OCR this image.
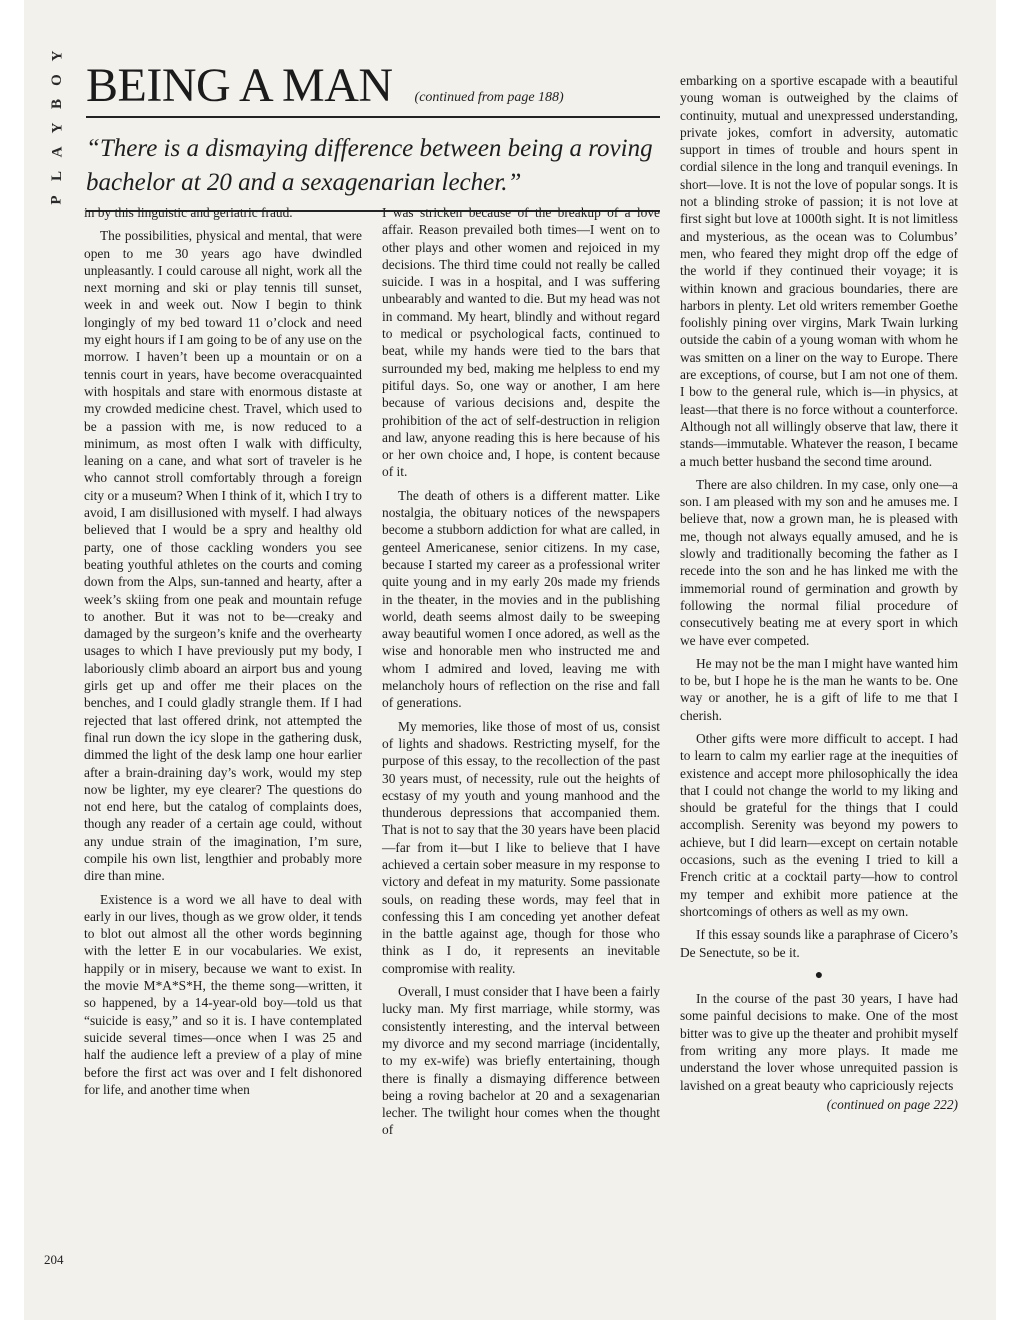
Y
O
B
Y
A
L
P
BEING A MAN (continued from page 188)
“There is a dismaying difference between being a roving bachelor at 20 and a sexagenarian lecher.”

in by this linguistic and geriatric fraud.

The possibilities, physical and mental, that were open to me 30 years ago have dwindled unpleasantly. I could carouse all night, work all the next morning and ski or play tennis till sunset, week in and week out. Now I begin to think longingly of my bed toward 11 o’clock and need my eight hours if I am going to be of any use on the morrow. I haven’t been up a mountain or on a tennis court in years, have become overacquainted with hospitals and stare with enormous distaste at my crowded medicine chest. Travel, which used to be a passion with me, is now reduced to a minimum, as most often I walk with difficulty, leaning on a cane, and what sort of traveler is he who cannot stroll comfortably through a foreign city or a museum? When I think of it, which I try to avoid, I am disillusioned with myself. I had always believed that I would be a spry and healthy old party, one of those cackling wonders you see beating youthful athletes on the courts and coming down from the Alps, sun-tanned and hearty, after a week’s skiing from one peak and mountain refuge to another. But it was not to be—creaky and damaged by the surgeon’s knife and the overhearty usages to which I have previously put my body, I laboriously climb aboard an airport bus and young girls get up and offer me their places on the benches, and I could gladly strangle them. If I had rejected that last offered drink, not attempted the final run down the icy slope in the gathering dusk, dimmed the light of the desk lamp one hour earlier after a brain-draining day’s work, would my step now be lighter, my eye clearer? The questions do not end here, but the catalog of complaints does, though any reader of a certain age could, without any undue strain of the imagination, I’m sure, compile his own list, lengthier and probably more dire than mine.

Existence is a word we all have to deal with early in our lives, though as we grow older, it tends to blot out almost all the other words beginning with the letter E in our vocabularies. We exist, happily or in misery, because we want to exist. In the movie M*A*S*H, the theme song—written, it so happened, by a 14-year-old boy—told us that “suicide is easy,” and so it is. I have contemplated suicide several times—once when I was 25 and half the audience left a preview of a play of mine before the first act was over and I felt dishonored for life, and another time when

I was stricken because of the breakup of a love affair. Reason prevailed both times—I went on to other plays and other women and rejoiced in my decisions. The third time could not really be called suicide. I was in a hospital, and I was suffering unbearably and wanted to die. But my head was not in command. My heart, blindly and without regard to medical or psychological facts, continued to beat, while my hands were tied to the bars that surrounded my bed, making me helpless to end my pitiful days. So, one way or another, I am here because of various decisions and, despite the prohibition of the act of self-destruction in religion and law, anyone reading this is here because of his or her own choice and, I hope, is content because of it.

The death of others is a different matter. Like nostalgia, the obituary notices of the newspapers become a stubborn addiction for what are called, in genteel Americanese, senior citizens. In my case, because I started my career as a professional writer quite young and in my early 20s made my friends in the theater, in the movies and in the publishing world, death seems almost daily to be sweeping away beautiful women I once adored, as well as the wise and honorable men who instructed me and whom I admired and loved, leaving me with melancholy hours of reflection on the rise and fall of generations.

My memories, like those of most of us, consist of lights and shadows. Restricting myself, for the purpose of this essay, to the recollection of the past 30 years must, of necessity, rule out the heights of ecstasy of my youth and young manhood and the thunderous depressions that accompanied them. That is not to say that the 30 years have been placid—far from it—but I like to believe that I have achieved a certain sober measure in my response to victory and defeat in my maturity. Some passionate souls, on reading these words, may feel that in confessing this I am conceding yet another defeat in the battle against age, though for those who think as I do, it represents an inevitable compromise with reality.

Overall, I must consider that I have been a fairly lucky man. My first marriage, while stormy, was consistently interesting, and the interval between my divorce and my second marriage (incidentally, to my ex-wife) was briefly entertaining, though there is finally a dismaying difference between being a roving bachelor at 20 and a sexagenarian lecher. The twilight hour comes when the thought of

embarking on a sportive escapade with a beautiful young woman is outweighed by the claims of continuity, mutual and unexpressed understanding, private jokes, comfort in adversity, automatic support in times of trouble and hours spent in cordial silence in the long and tranquil evenings. In short—love. It is not the love of popular songs. It is not a blinding stroke of passion; it is not love at first sight but love at 1000th sight. It is not limitless and mysterious, as the ocean was to Columbus’ men, who feared they might drop off the edge of the world if they continued their voyage; it is within known and gracious boundaries, there are harbors in plenty. Let old writers remember Goethe foolishly pining over virgins, Mark Twain lurking outside the cabin of a young woman with whom he was smitten on a liner on the way to Europe. There are exceptions, of course, but I am not one of them. I bow to the general rule, which is—in physics, at least—that there is no force without a counterforce. Although not all willingly observe that law, there it stands—immutable. Whatever the reason, I became a much better husband the second time around.

There are also children. In my case, only one—a son. I am pleased with my son and he amuses me. I believe that, now a grown man, he is pleased with me, though not always equally amused, and he is slowly and traditionally becoming the father as I recede into the son and he has linked me with the immemorial round of germination and growth by following the normal filial procedure of consecutively beating me at every sport in which we have ever competed.

He may not be the man I might have wanted him to be, but I hope he is the man he wants to be. One way or another, he is a gift of life to me that I cherish.

Other gifts were more difficult to accept. I had to learn to calm my earlier rage at the inequities of existence and accept more philosophically the idea that I could not change the world to my liking and should be grateful for the things that I could accomplish. Serenity was beyond my powers to achieve, but I did learn—except on certain notable occasions, such as the evening I tried to kill a French critic at a cocktail party—how to control my temper and exhibit more patience at the shortcomings of others as well as my own.

If this essay sounds like a paraphrase of Cicero’s De Senectute, so be it.

●

In the course of the past 30 years, I have had some painful decisions to make. One of the most bitter was to give up the theater and prohibit myself from writing any more plays. It made me understand the lover whose unrequited passion is lavished on a great beauty who capriciously rejects

(continued on page 222)
204
